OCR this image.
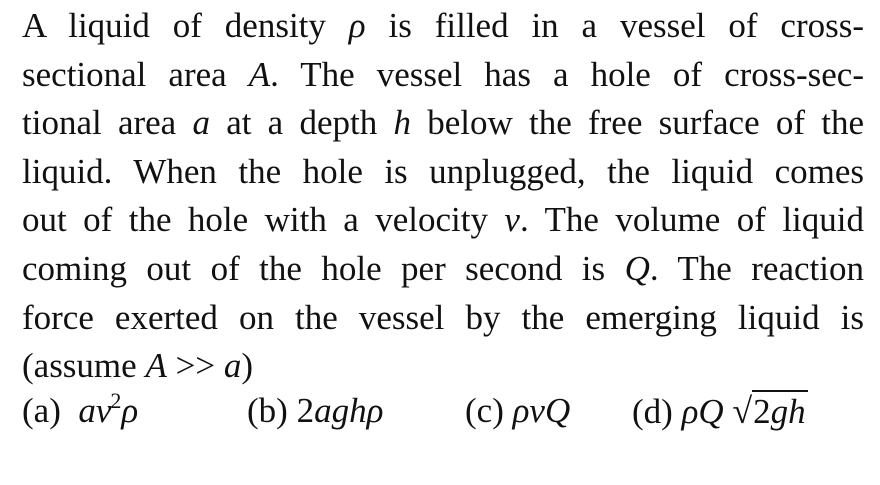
A liquid of density ρ is filled in a vessel of cross-
sectional area A. The vessel has a hole of cross-sec-
tional area a at a depth h below the free surface of the
liquid. When the hole is unplugged, the liquid comes
out of the hole with a velocity v. The volume of liquid
coming out of the hole per second is Q. The reaction
force exerted on the vessel by the emerging liquid is
(assume A >> a)
(a) $av^2\rho$	(b) 2aghρ (c) ρvQ (d) ρQ √2gh
